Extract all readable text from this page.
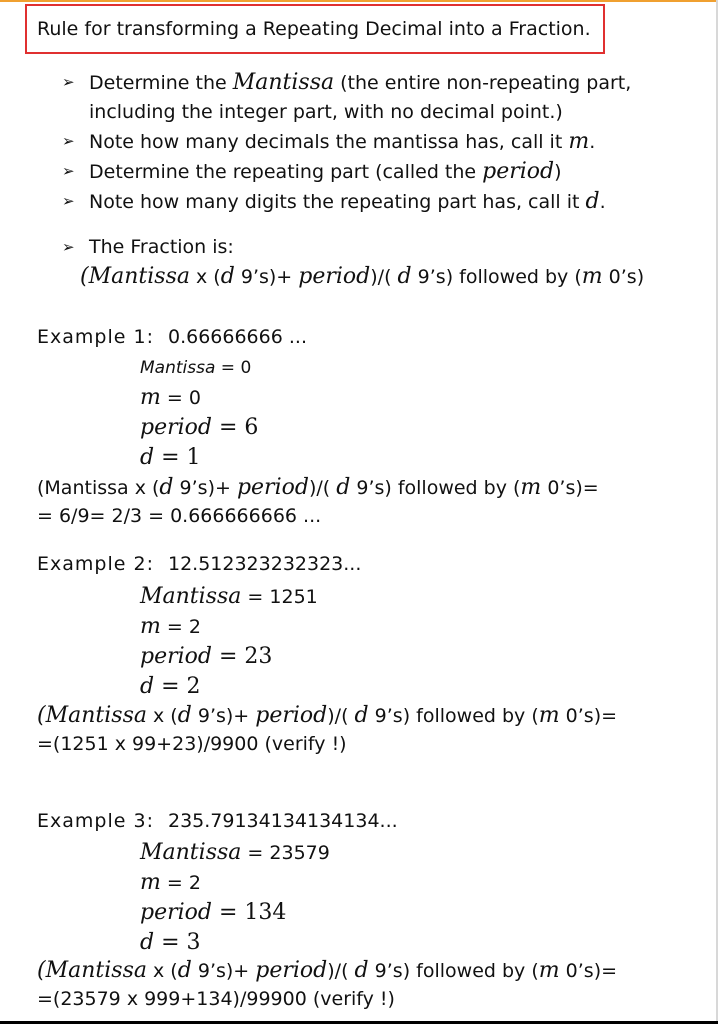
Rule for transforming a Repeating Decimal into a Fraction.
➢ Determine the Mantissa (the entire non-repeating part,
including the integer part, with no decimal point.)
➢ Note how many decimals the mantissa has, call it m.
➢ Determine the repeating part (called the period)
➢ Note how many digits the repeating part has, call it d.
➢ The Fraction is:
(Mantissa x (d 9’s)+ period)/( d 9’s) followed by (m 0’s)
Example 1: 0.66666666 ...
Mantissa = 0
m = 0
period = 6
d = 1
(Mantissa x (d 9’s)+ period)/( d 9’s) followed by (m 0’s)=
= 6/9= 2/3 = 0.666666666 ...
Example 2: 12.512323232323...
Mantissa = 1251
m = 2
period = 23
d = 2
(Mantissa x (d 9’s)+ period)/( d 9’s) followed by (m 0’s)=
=(1251 x 99+23)/9900 (verify !)
Example 3: 235.79134134134134...
Mantissa = 23579
m = 2
period = 134
d = 3
(Mantissa x (d 9’s)+ period)/( d 9’s) followed by (m 0’s)=
=(23579 x 999+134)/99900 (verify !)
